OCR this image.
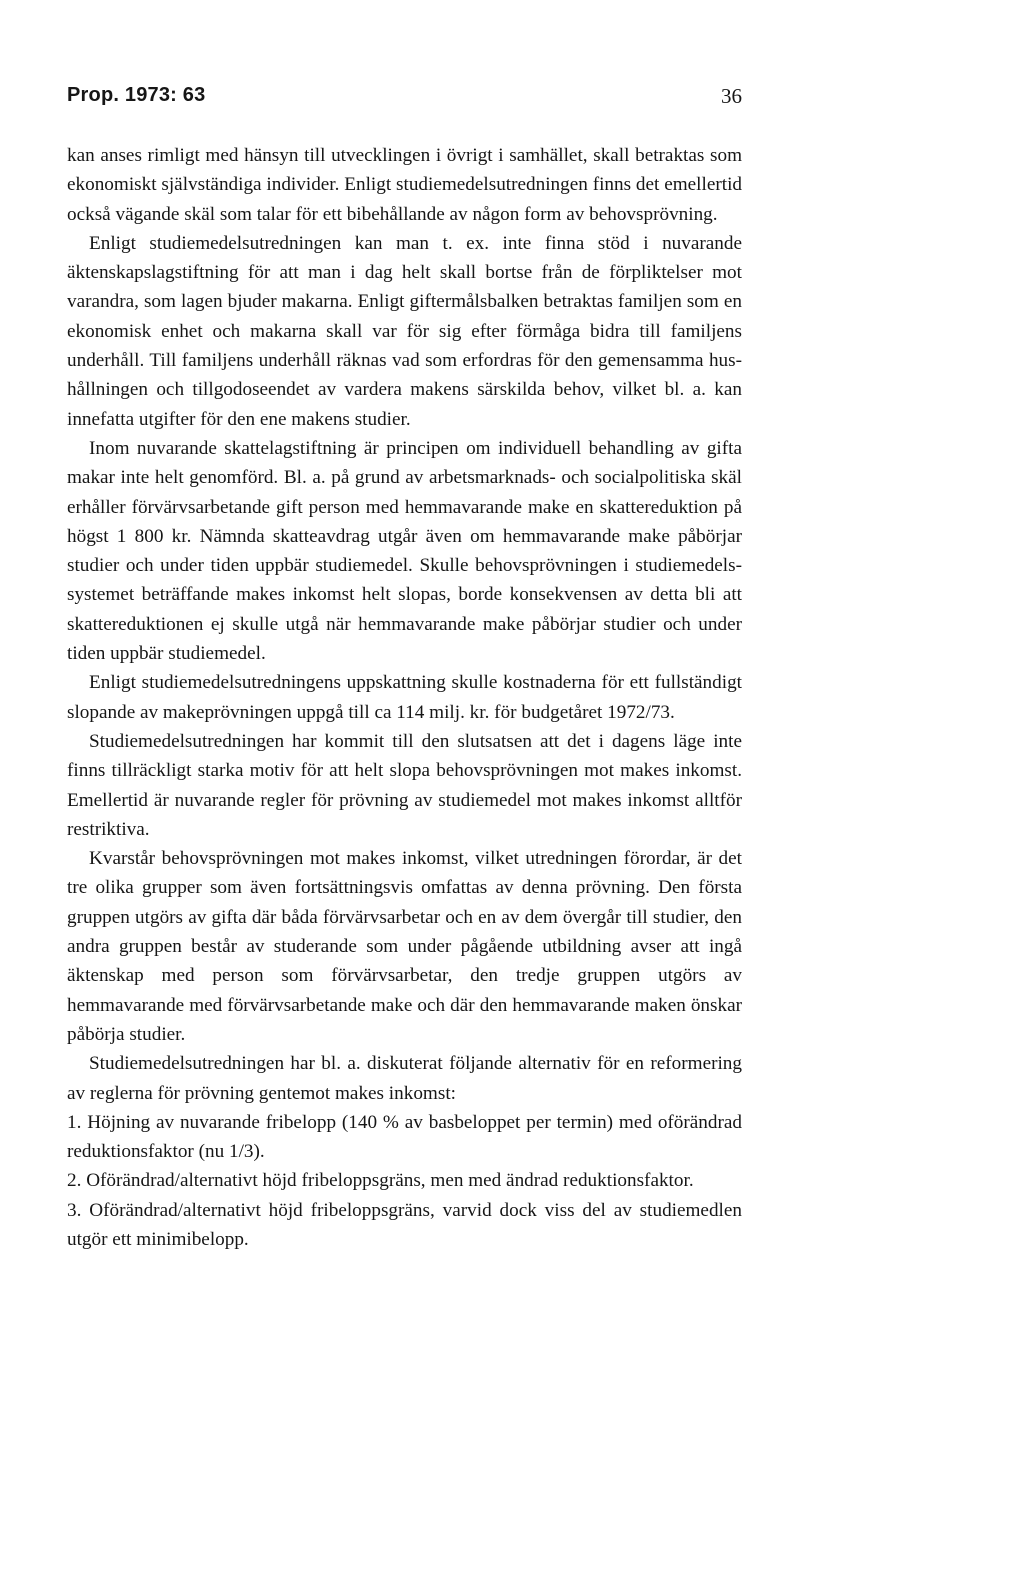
Prop. 1973: 63	36

kan anses rimligt med hänsyn till utvecklingen i övrigt i samhället, skall betraktas som ekonomiskt självständiga individer. Enligt studiemedelsutredningen finns det emellertid också vägande skäl som talar för ett bibehållande av någon form av behovsprövning.

Enligt studiemedelsutredningen kan man t. ex. inte finna stöd i nuvarande äktenskapslagstiftning för att man i dag helt skall bortse från de förpliktelser mot varandra, som lagen bjuder makarna. Enligt giftermålsbalken betraktas familjen som en ekonomisk enhet och makarna skall var för sig efter förmåga bidra till familjens underhåll. Till familjens underhåll räknas vad som erfordras för den gemensamma hushållningen och tillgodoseendet av vardera makens särskilda behov, vilket bl. a. kan innefatta utgifter för den ene makens studier.

Inom nuvarande skattelagstiftning är principen om individuell behandling av gifta makar inte helt genomförd. Bl. a. på grund av arbetsmarknads- och socialpolitiska skäl erhåller förvärvsarbetande gift person med hemmavarande make en skattereduktion på högst 1 800 kr. Nämnda skatteavdrag utgår även om hemmavarande make påbörjar studier och under tiden uppbär studiemedel. Skulle behovsprövningen i studiemedelssystemet beträffande makes inkomst helt slopas, borde konsekvensen av detta bli att skattereduktionen ej skulle utgå när hemmavarande make påbörjar studier och under tiden uppbär studiemedel.

Enligt studiemedelsutredningens uppskattning skulle kostnaderna för ett fullständigt slopande av makeprövningen uppgå till ca 114 milj. kr. för budgetåret 1972/73.

Studiemedelsutredningen har kommit till den slutsatsen att det i dagens läge inte finns tillräckligt starka motiv för att helt slopa behovsprövningen mot makes inkomst. Emellertid är nuvarande regler för prövning av studiemedel mot makes inkomst alltför restriktiva.

Kvarstår behovsprövningen mot makes inkomst, vilket utredningen förordar, är det tre olika grupper som även fortsättningsvis omfattas av denna prövning. Den första gruppen utgörs av gifta där båda förvärvsarbetar och en av dem övergår till studier, den andra gruppen består av studerande som under pågående utbildning avser att ingå äktenskap med person som förvärvsarbetar, den tredje gruppen utgörs av hemmavarande med förvärvsarbetande make och där den hemmavarande maken önskar påbörja studier.

Studiemedelsutredningen har bl. a. diskuterat följande alternativ för en reformering av reglerna för prövning gentemot makes inkomst:

1. Höjning av nuvarande fribelopp (140 % av basbeloppet per termin) med oförändrad reduktionsfaktor (nu 1/3).

2. Oförändrad/alternativt höjd fribeloppsgräns, men med ändrad reduktionsfaktor.

3. Oförändrad/alternativt höjd fribeloppsgräns, varvid dock viss del av studiemedlen utgör ett minimibelopp.
